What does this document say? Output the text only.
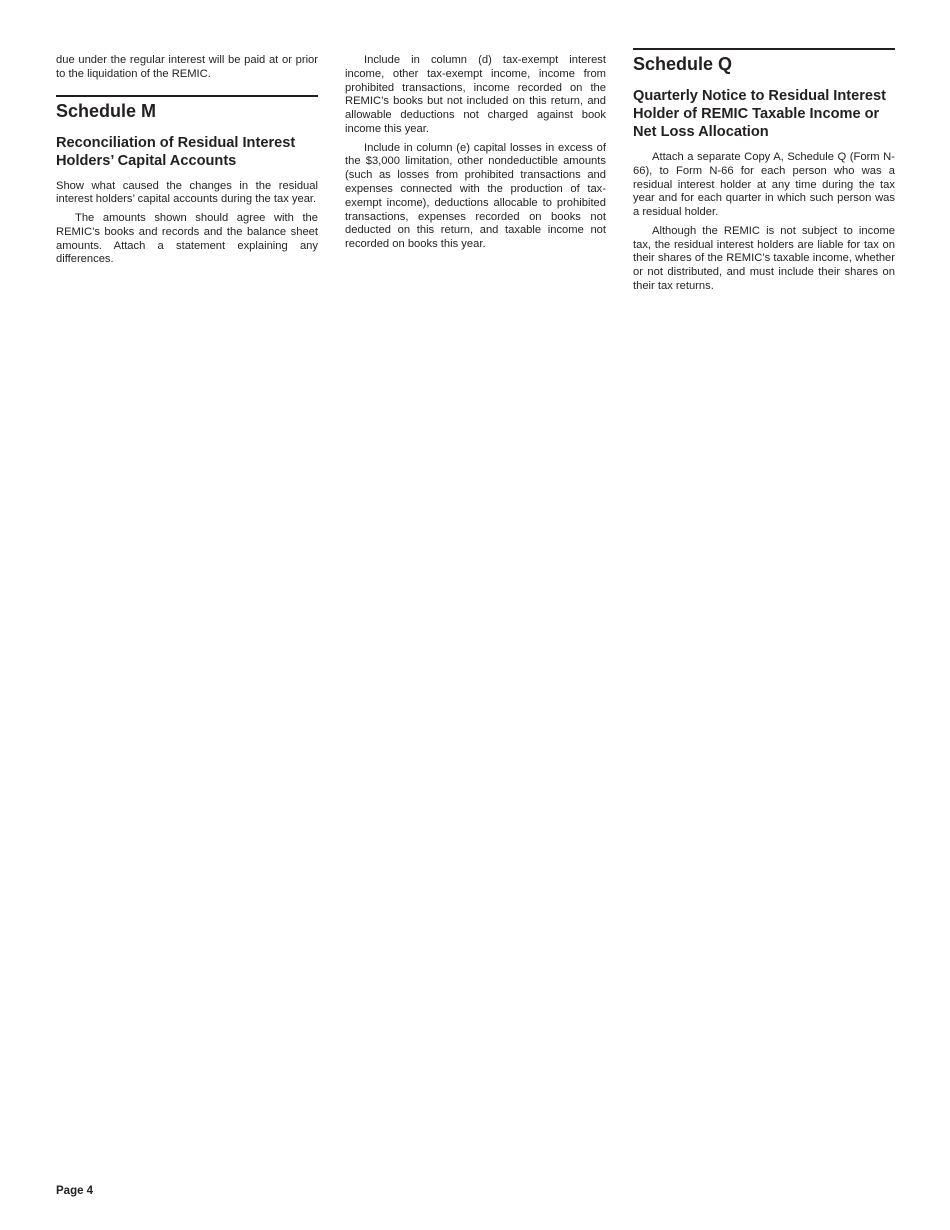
due under the regular interest will be paid at or prior to the liquidation of the REMIC.

Schedule M
Reconciliation of Residual Interest Holders’ Capital Accounts

Show what caused the changes in the residual interest holders’ capital accounts during the tax year.

The amounts shown should agree with the REMIC’s books and records and the balance sheet amounts. Attach a statement explaining any differences.

Include in column (d) tax-exempt interest income, other tax-exempt income, income from prohibited transactions, income recorded on the REMIC’s books but not included on this return, and allowable deductions not charged against book income this year.

Include in column (e) capital losses in excess of the $3,000 limitation, other nondeductible amounts (such as losses from prohibited transactions and expenses connected with the production of tax-exempt income), deductions allocable to prohibited transactions, expenses recorded on books not deducted on this return, and taxable income not recorded on books this year.

Schedule Q
Quarterly Notice to Residual Interest Holder of REMIC Taxable Income or Net Loss Allocation

Attach a separate Copy A, Schedule Q (Form N-66), to Form N-66 for each person who was a residual interest holder at any time during the tax year and for each quarter in which such person was a residual holder.

Although the REMIC is not subject to income tax, the residual interest holders are liable for tax on their shares of the REMIC’s taxable income, whether or not distributed, and must include their shares on their tax returns.

Page 4
